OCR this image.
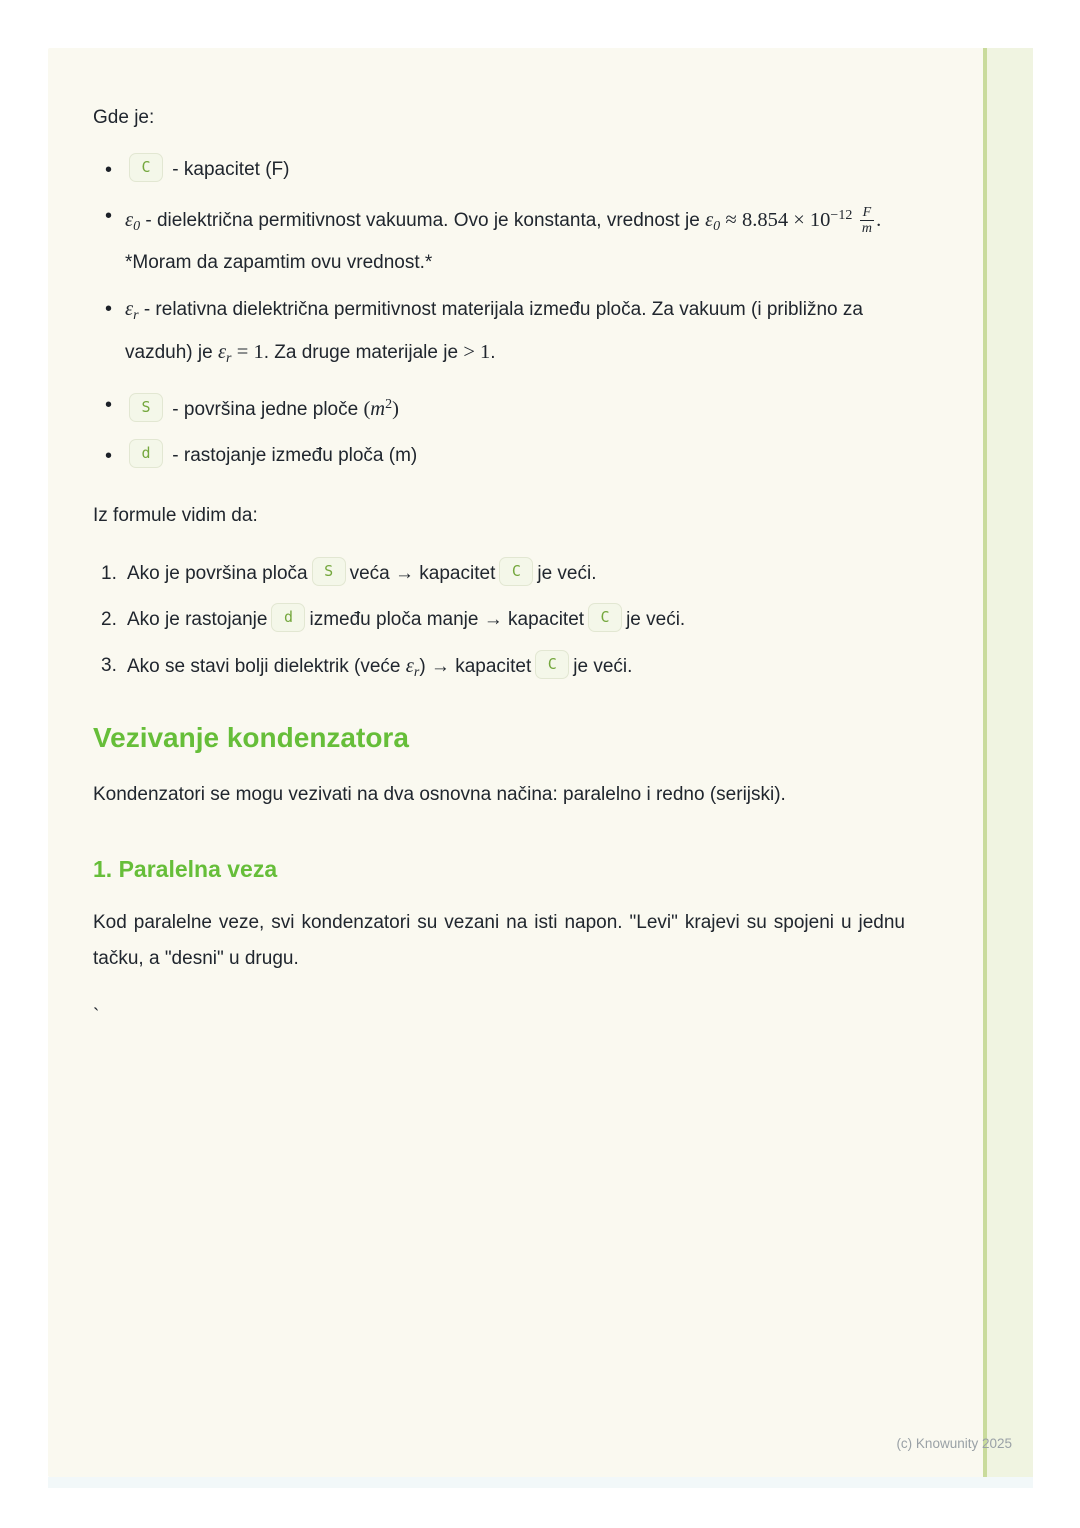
Gde je:

•	C - kapacitet (F)
• ε0 - dielektrična permitivnost vakuuma. Ovo je konstanta, vrednost je $\varepsilon 0 \approx 8.854 \times 10^{-12} \frac{F}{m}$ . *Moram da zapamtim ovu vrednost.*
• εr - relativna dielektrična permitivnost materijala između ploča. Za vakuum (i približno za vazduh) je εr = 1. Za druge materijale je > 1.
•	S - površina jedne ploče $(m^2)$
•	d - rastojanje između ploča (m)

Iz formule vidim da:

1. Ako je površina ploča S veća → kapacitet C je veći.
2. Ako je rastojanje d između ploča manje → kapacitet C je veći.
3. Ako se stavi bolji dielektrik (veće εr) → kapacitet C je veći.
Vezivanje kondenzatora

Kondenzatori se mogu vezivati na dva osnovna načina: paralelno i redno (serijski).

1. Paralelna veza

Kod paralelne veze, svi kondenzatori su vezani na isti napon. "Levi" krajevi su spojeni u jednu tačku, a "desni" u drugu.

`

(c) Knowunity 2025
